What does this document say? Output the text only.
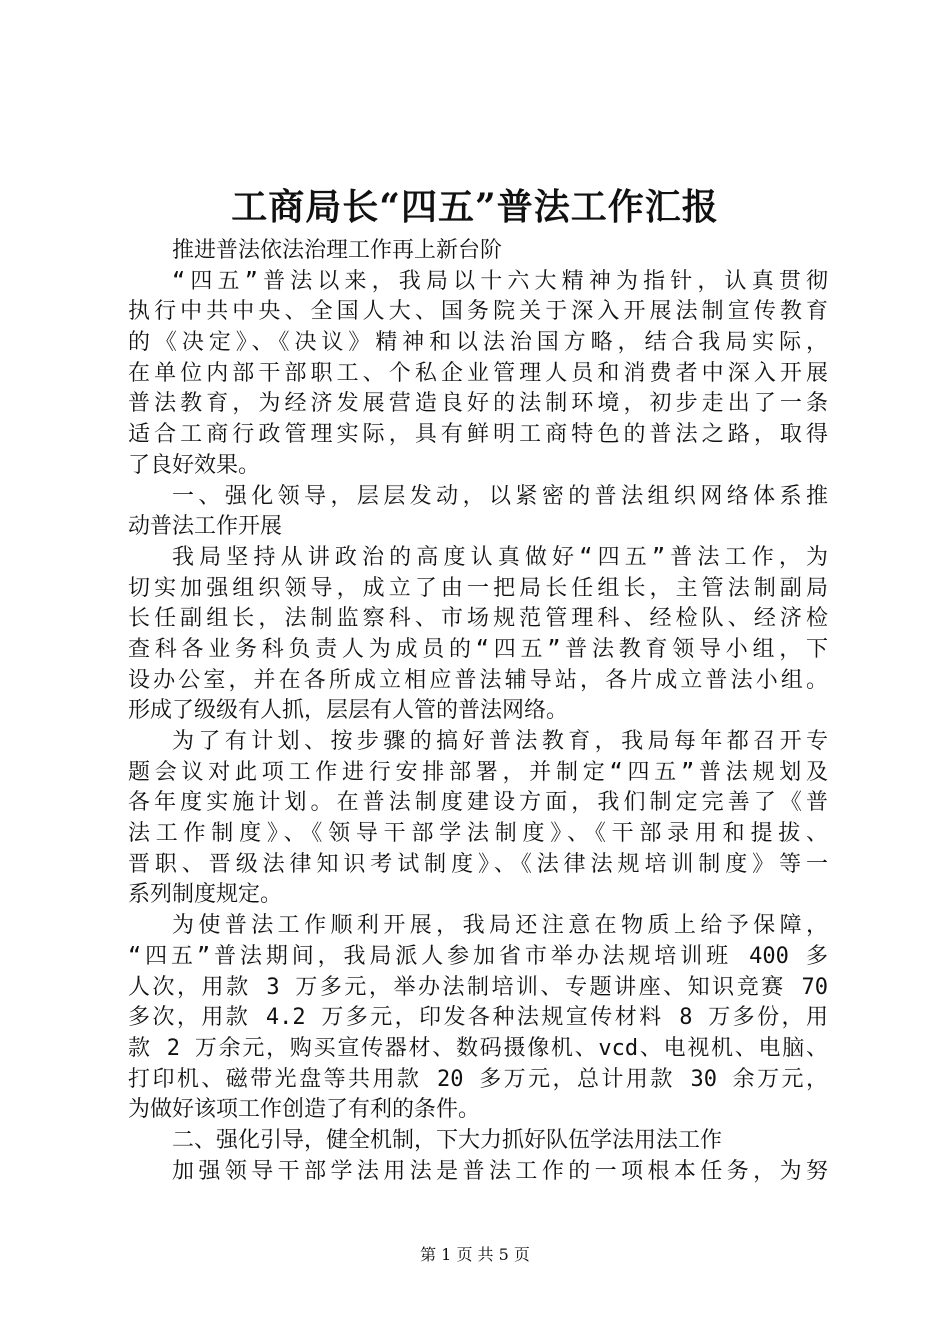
工商局长“四五”普法工作汇报
推进普法依法治理工作再上新台阶
“四五”普法以来，我局以十六大精神为指针，认真贯彻
执行中共中央、全国人大、国务院关于深入开展法制宣传教育
的《决定》、《决议》精神和以法治国方略，结合我局实际，
在单位内部干部职工、个私企业管理人员和消费者中深入开展
普法教育，为经济发展营造良好的法制环境，初步走出了一条
适合工商行政管理实际，具有鲜明工商特色的普法之路，取得
了良好效果。
一、强化领导，层层发动，以紧密的普法组织网络体系推
动普法工作开展
我局坚持从讲政治的高度认真做好“四五”普法工作，为
切实加强组织领导，成立了由一把局长任组长，主管法制副局
长任副组长，法制监察科、市场规范管理科、经检队、经济检
查科各业务科负责人为成员的“四五”普法教育领导小组，下
设办公室，并在各所成立相应普法辅导站，各片成立普法小组。
形成了级级有人抓，层层有人管的普法网络。
为了有计划、按步骤的搞好普法教育，我局每年都召开专
题会议对此项工作进行安排部署，并制定“四五”普法规划及
各年度实施计划。在普法制度建设方面，我们制定完善了《普
法工作制度》、《领导干部学法制度》、《干部录用和提拔、
晋职、晋级法律知识考试制度》、《法律法规培训制度》等一
系列制度规定。
为使普法工作顺利开展，我局还注意在物质上给予保障，
“四五”普法期间，我局派人参加省市举办法规培训班 400 多
人次，用款 3 万多元，举办法制培训、专题讲座、知识竞赛 70
多次，用款 4.2 万多元，印发各种法规宣传材料 8 万多份，用
款 2 万余元，购买宣传器材、数码摄像机、vcd、电视机、电脑、
打印机、磁带光盘等共用款 20 多万元，总计用款 30 余万元，
为做好该项工作创造了有利的条件。
二、强化引导，健全机制，下大力抓好队伍学法用法工作
加强领导干部学法用法是普法工作的一项根本任务，为努
第 1 页 共 5 页
